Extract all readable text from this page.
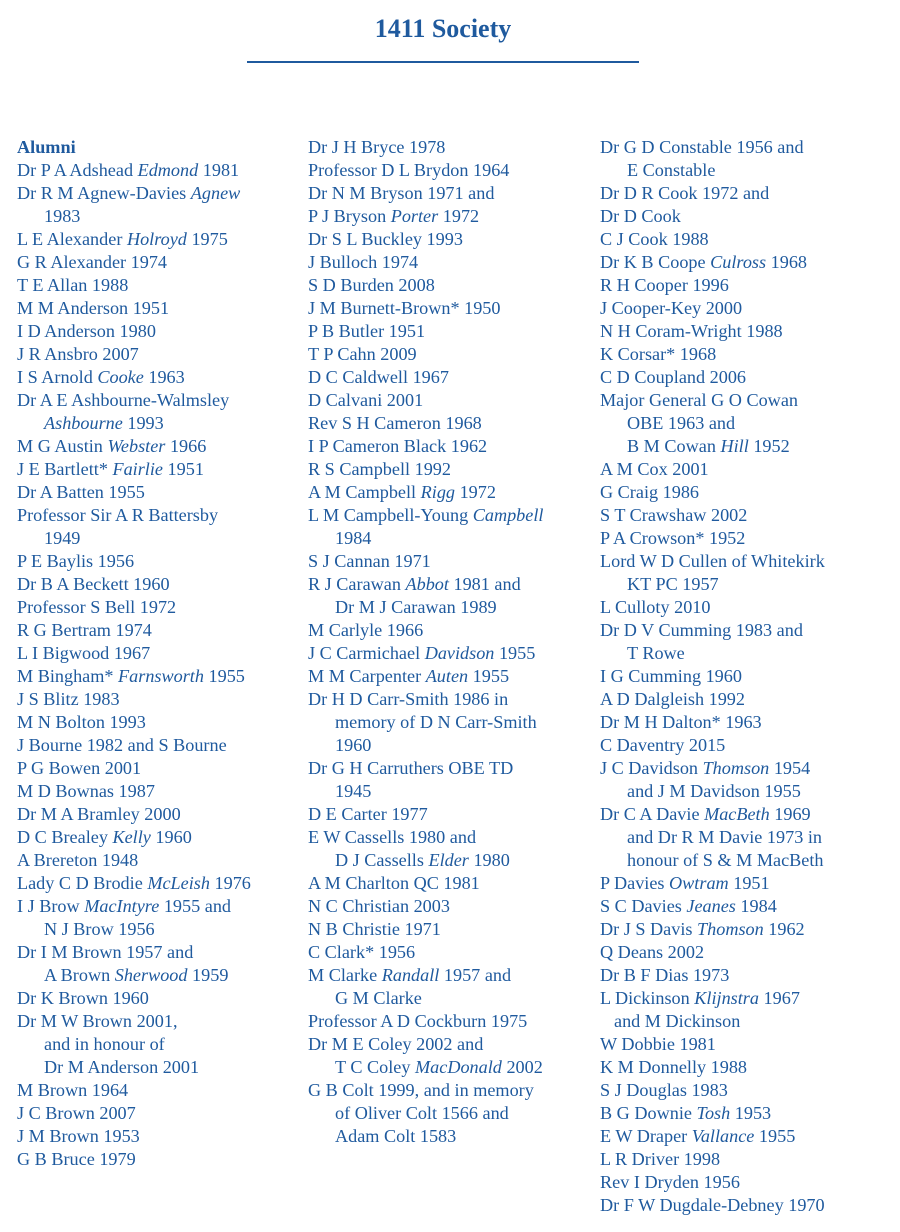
1411 Society
Alumni
Dr P A Adshead Edmond 1981
Dr R M Agnew-Davies Agnew
1983
L E Alexander Holroyd 1975
G R Alexander 1974
T E Allan 1988
M M Anderson 1951
I D Anderson 1980
J R Ansbro 2007
I S Arnold Cooke 1963
Dr A E Ashbourne-Walmsley
Ashbourne 1993
M G Austin Webster 1966
J E Bartlett* Fairlie 1951
Dr A Batten 1955
Professor Sir A R Battersby
1949
P E Baylis 1956
Dr B A Beckett 1960
Professor S Bell 1972
R G Bertram 1974
L I Bigwood 1967
M Bingham* Farnsworth 1955
J S Blitz 1983
M N Bolton 1993
J Bourne 1982 and S Bourne
P G Bowen 2001
M D Bownas 1987
Dr M A Bramley 2000
D C Brealey Kelly 1960
A Brereton 1948
Lady C D Brodie McLeish 1976
I J Brow MacIntyre 1955 and
N J Brow 1956
Dr I M Brown 1957 and
A Brown Sherwood 1959
Dr K Brown 1960
Dr M W Brown 2001,
and in honour of
Dr M Anderson 2001
M Brown 1964
J C Brown 2007
J M Brown 1953
G B Bruce 1979
Dr J H Bryce 1978
Professor D L Brydon 1964
Dr N M Bryson 1971 and
P J Bryson Porter 1972
Dr S L Buckley 1993
J Bulloch 1974
S D Burden 2008
J M Burnett-Brown* 1950
P B Butler 1951
T P Cahn 2009
D C Caldwell 1967
D Calvani 2001
Rev S H Cameron 1968
I P Cameron Black 1962
R S Campbell 1992
A M Campbell Rigg 1972
L M Campbell-Young Campbell
1984
S J Cannan 1971
R J Carawan Abbot 1981 and
Dr M J Carawan 1989
M Carlyle 1966
J C Carmichael Davidson 1955
M M Carpenter Auten 1955
Dr H D Carr-Smith 1986 in
memory of D N Carr-Smith
1960
Dr G H Carruthers OBE TD
1945
D E Carter 1977
E W Cassells 1980 and
D J Cassells Elder 1980
A M Charlton QC 1981
N C Christian 2003
N B Christie 1971
C Clark* 1956
M Clarke Randall 1957 and
G M Clarke
Professor A D Cockburn 1975
Dr M E Coley 2002 and
T C Coley MacDonald 2002
G B Colt 1999, and in memory
of Oliver Colt 1566 and
Adam Colt 1583
Dr G D Constable 1956 and
E Constable
Dr D R Cook 1972 and
Dr D Cook
C J Cook 1988
Dr K B Coope Culross 1968
R H Cooper 1996
J Cooper-Key 2000
N H Coram-Wright 1988
K Corsar* 1968
C D Coupland 2006
Major General G O Cowan
OBE 1963 and
B M Cowan Hill 1952
A M Cox 2001
G Craig 1986
S T Crawshaw 2002
P A Crowson* 1952
Lord W D Cullen of Whitekirk
KT PC 1957
L Culloty 2010
Dr D V Cumming 1983 and
T Rowe
I G Cumming 1960
A D Dalgleish 1992
Dr M H Dalton* 1963
C Daventry 2015
J C Davidson Thomson 1954
and J M Davidson 1955
Dr C A Davie MacBeth 1969
and Dr R M Davie 1973 in
honour of S & M MacBeth
P Davies Owtram 1951
S C Davies Jeanes 1984
Dr J S Davis Thomson 1962
Q Deans 2002
Dr B F Dias 1973
L Dickinson Klijnstra 1967
and M Dickinson
W Dobbie 1981
K M Donnelly 1988
S J Douglas 1983
B G Downie Tosh 1953
E W Draper Vallance 1955
L R Driver 1998
Rev I Dryden 1956
Dr F W Dugdale-Debney 1970
